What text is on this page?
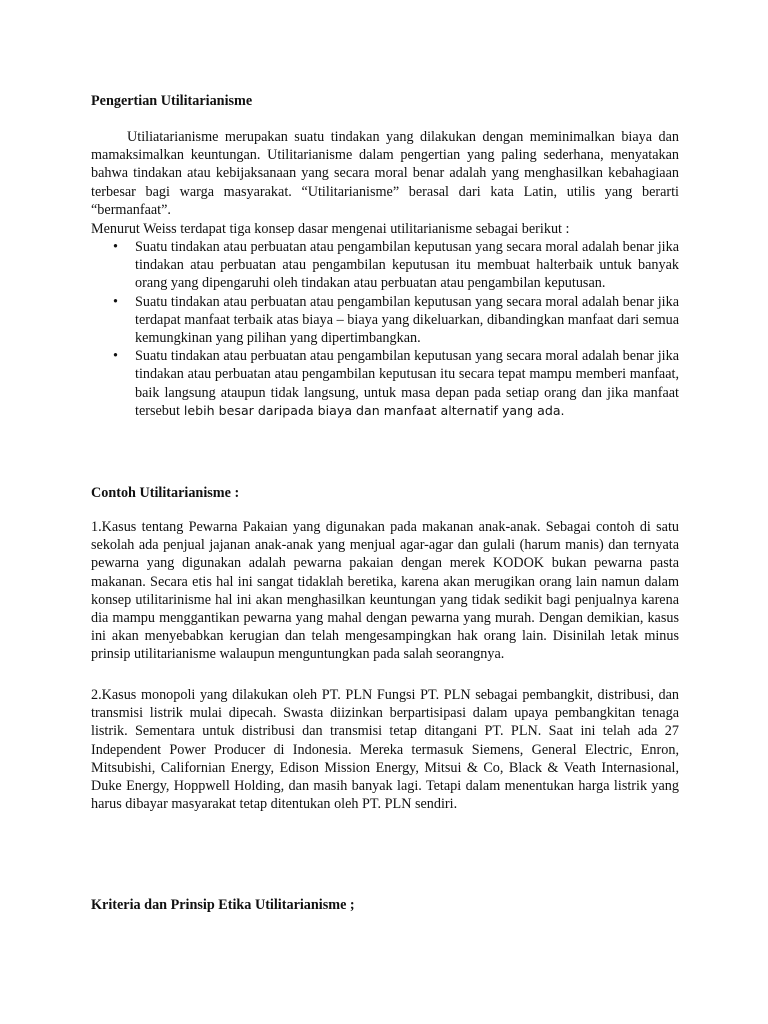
Pengertian Utilitarianisme

Utiliatarianisme merupakan suatu tindakan yang dilakukan dengan meminimalkan biaya dan mamaksimalkan keuntungan. Utilitarianisme dalam pengertian yang paling sederhana, menyatakan bahwa tindakan atau kebijaksanaan yang secara moral benar adalah yang menghasilkan kebahagiaan terbesar bagi warga masyarakat. “Utilitarianisme” berasal dari kata Latin, utilis yang berarti “bermanfaat”.

Menurut Weiss terdapat tiga konsep dasar mengenai utilitarianisme sebagai berikut :

• Suatu tindakan atau perbuatan atau pengambilan keputusan yang secara moral adalah benar jika tindakan atau perbuatan atau pengambilan keputusan itu membuat halterbaik untuk banyak orang yang dipengaruhi oleh tindakan atau perbuatan atau pengambilan keputusan.
• Suatu tindakan atau perbuatan atau pengambilan keputusan yang secara moral adalah benar jika terdapat manfaat terbaik atas biaya – biaya yang dikeluarkan, dibandingkan manfaat dari semua kemungkinan yang pilihan yang dipertimbangkan.
• Suatu tindakan atau perbuatan atau pengambilan keputusan yang secara moral adalah benar jika tindakan atau perbuatan atau pengambilan keputusan itu secara tepat mampu memberi manfaat, baik langsung ataupun tidak langsung, untuk masa depan pada setiap orang dan jika manfaat tersebut lebih besar daripada biaya dan manfaat alternatif yang ada.
Contoh Utilitarianisme :

1.Kasus tentang Pewarna Pakaian yang digunakan pada makanan anak-anak. Sebagai contoh di satu sekolah ada penjual jajanan anak-anak yang menjual agar-agar dan gulali (harum manis) dan ternyata pewarna yang digunakan adalah pewarna pakaian dengan merek KODOK bukan pewarna pasta makanan. Secara etis hal ini sangat tidaklah beretika, karena akan merugikan orang lain namun dalam konsep utilitarinisme hal ini akan menghasilkan keuntungan yang tidak sedikit bagi penjualnya karena dia mampu menggantikan pewarna yang mahal dengan pewarna yang murah. Dengan demikian, kasus ini akan menyebabkan kerugian dan telah mengesampingkan hak orang lain. Disinilah letak minus prinsip utilitarianisme walaupun menguntungkan pada salah seorangnya.

2.Kasus monopoli yang dilakukan oleh PT. PLN Fungsi PT. PLN sebagai pembangkit, distribusi, dan transmisi listrik mulai dipecah. Swasta diizinkan berpartisipasi dalam upaya pembangkitan tenaga listrik. Sementara untuk distribusi dan transmisi tetap ditangani PT. PLN. Saat ini telah ada 27 Independent Power Producer di Indonesia. Mereka termasuk Siemens, General Electric, Enron, Mitsubishi, Californian Energy, Edison Mission Energy, Mitsui & Co, Black & Veath Internasional, Duke Energy, Hoppwell Holding, dan masih banyak lagi. Tetapi dalam menentukan harga listrik yang harus dibayar masyarakat tetap ditentukan oleh PT. PLN sendiri.

Kriteria dan Prinsip Etika Utilitarianisme ;
